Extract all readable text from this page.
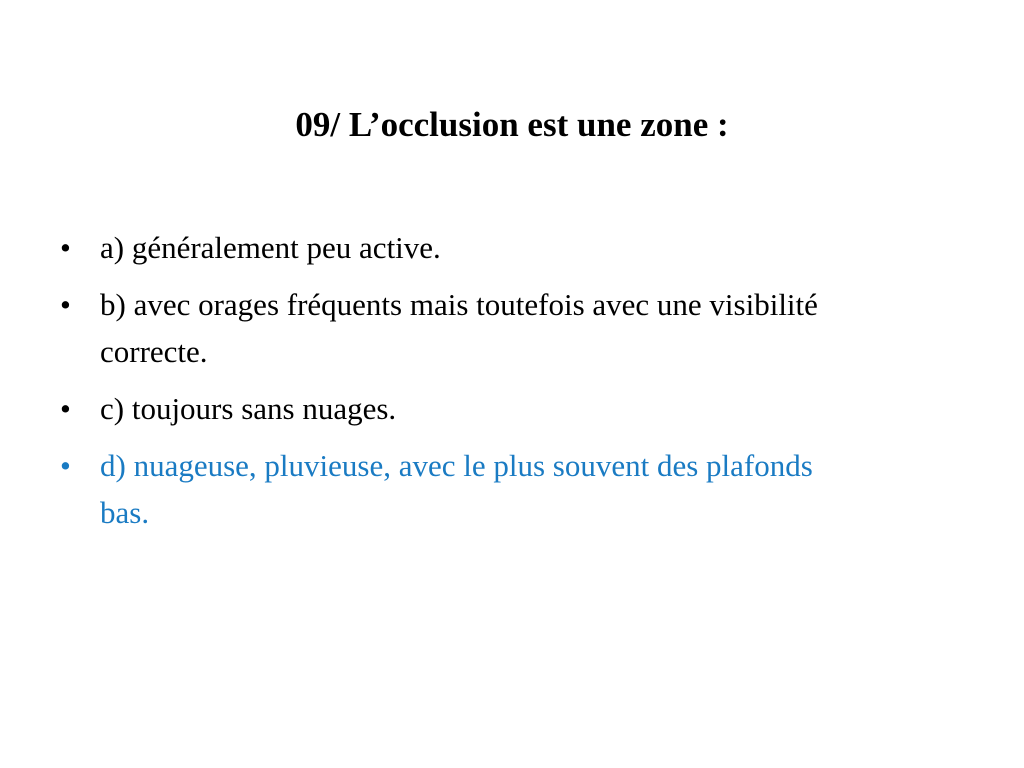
09/ L’occlusion est une zone :
• a) généralement peu active.
• b) avec orages fréquents mais toutefois avec une visibilité correcte.
• c) toujours sans nuages.
• d) nuageuse, pluvieuse, avec le plus souvent des plafonds bas.
